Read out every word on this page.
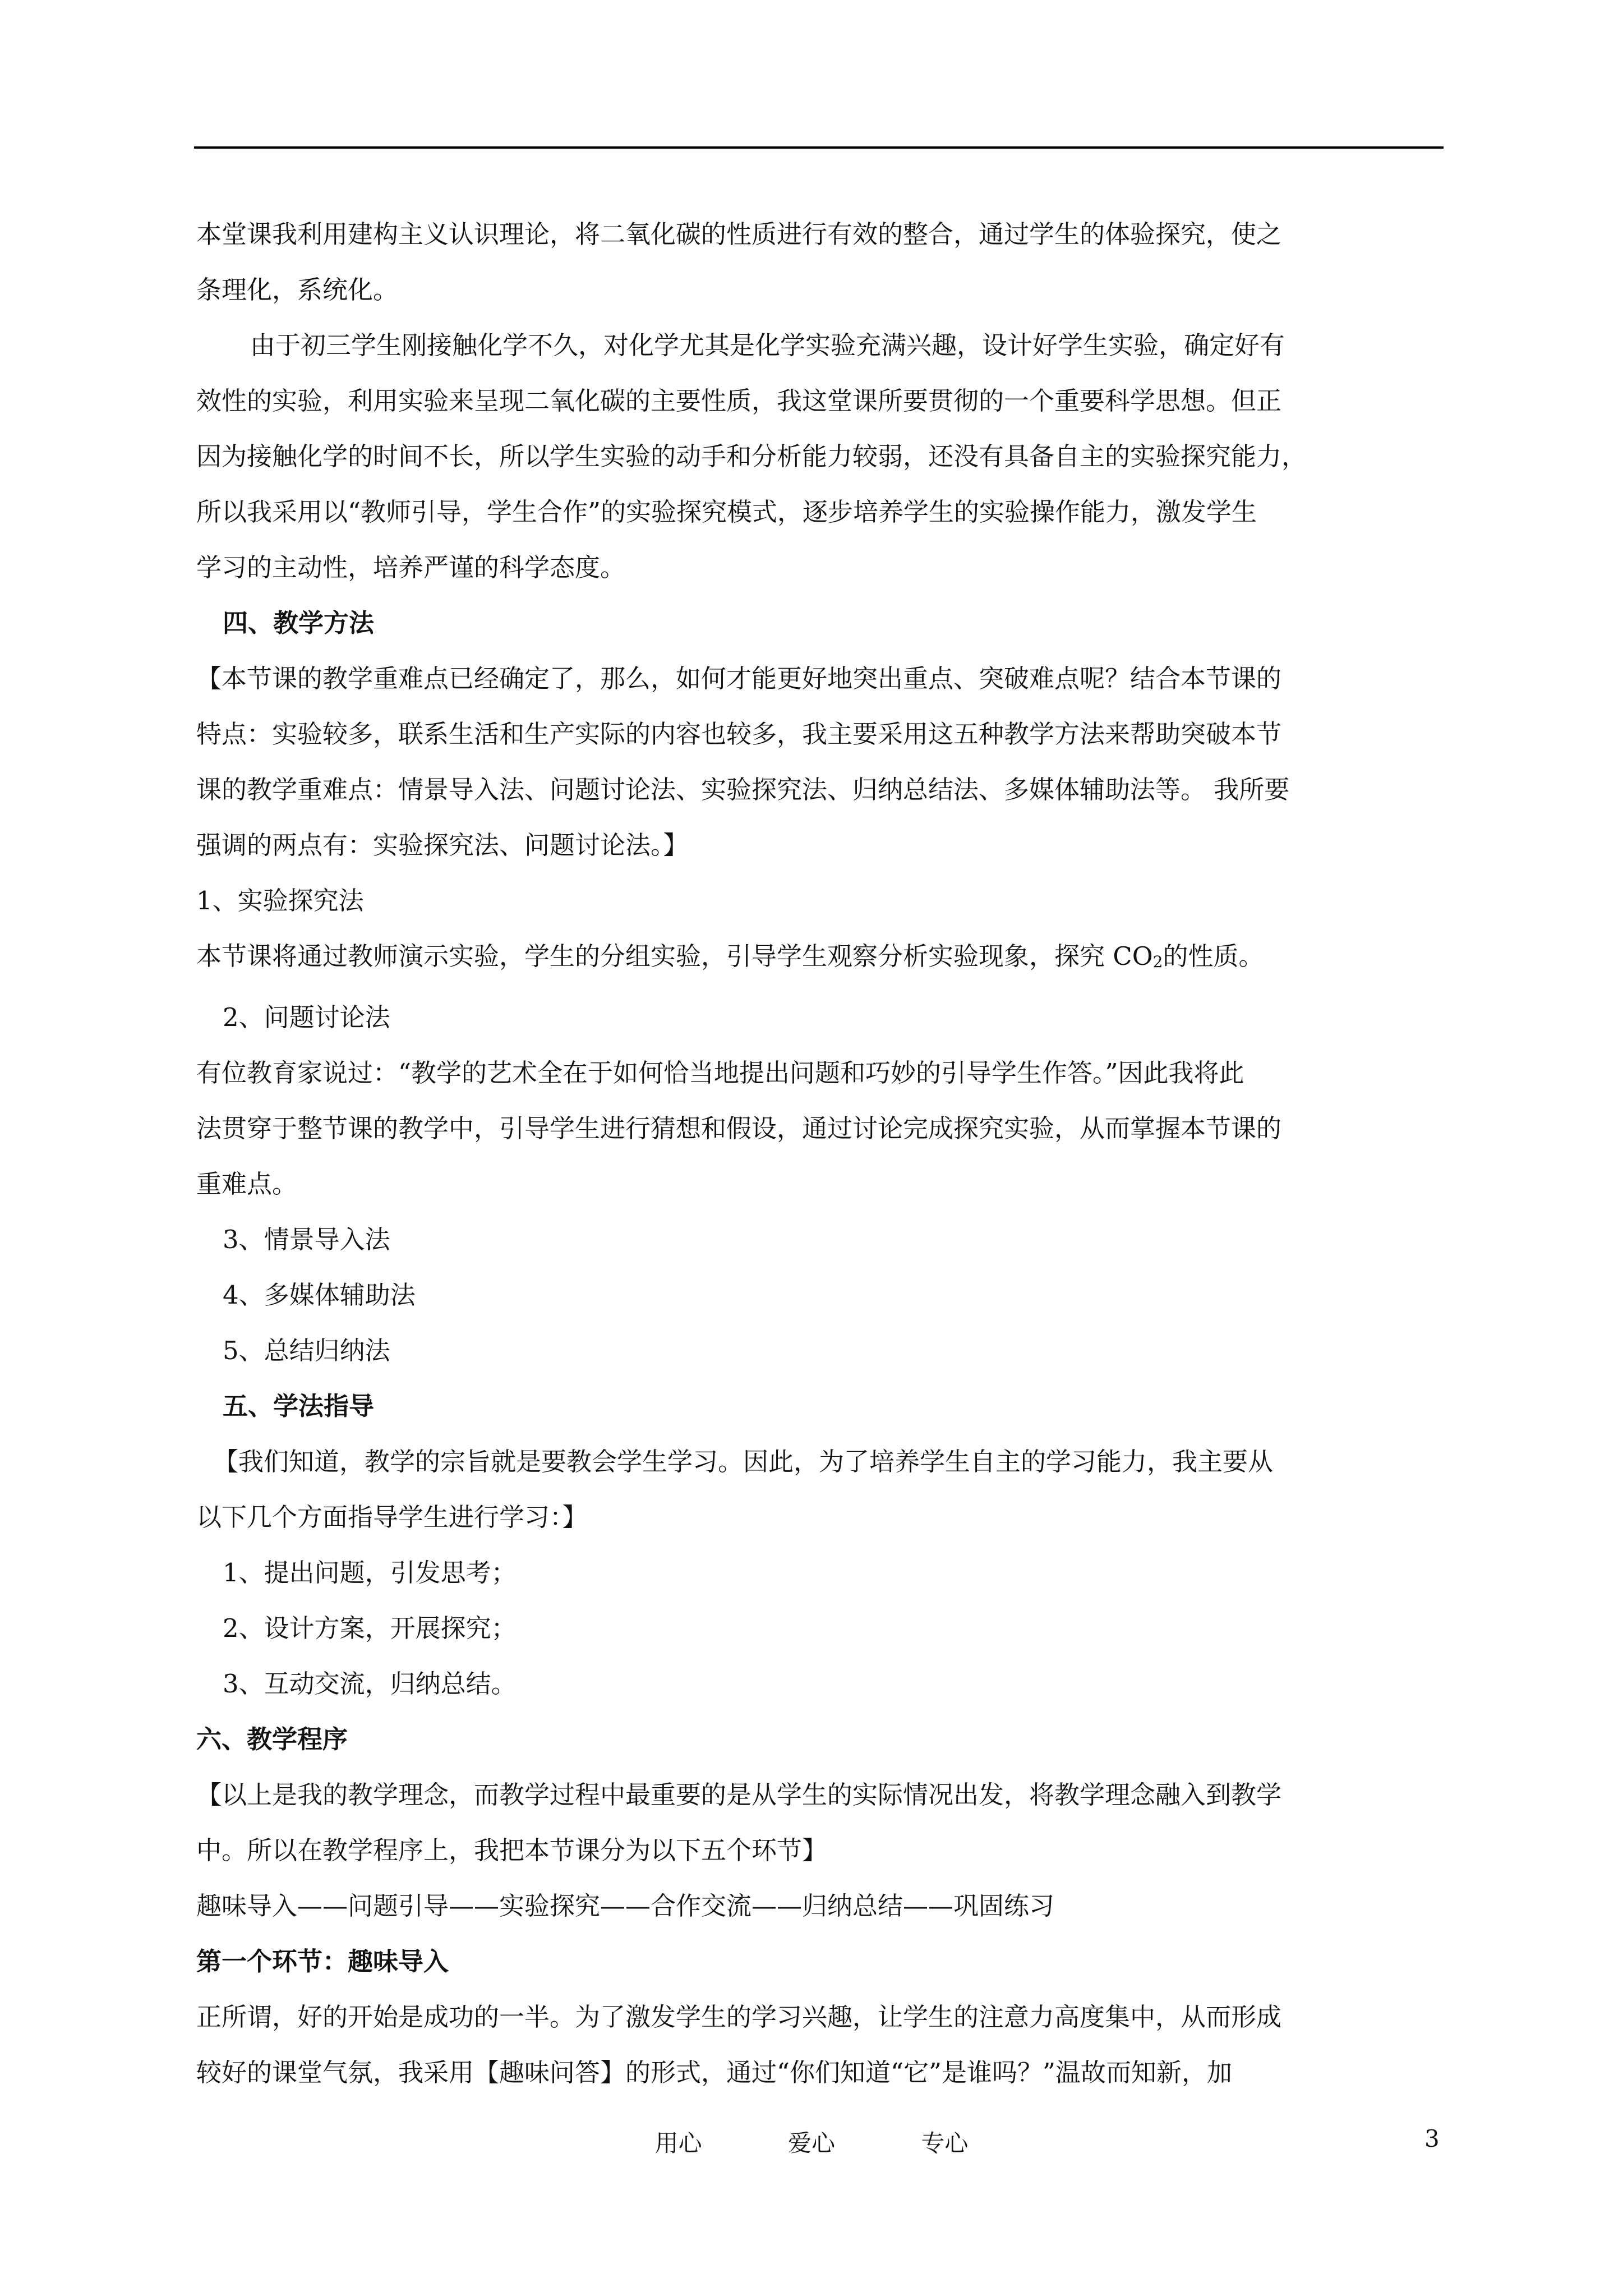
本堂课我利用建构主义认识理论，将二氧化碳的性质进行有效的整合，通过学生的体验探究，使之

条理化，系统化。

由于初三学生刚接触化学不久，对化学尤其是化学实验充满兴趣，设计好学生实验，确定好有

效性的实验，利用实验来呈现二氧化碳的主要性质，我这堂课所要贯彻的一个重要科学思想。但正

因为接触化学的时间不长，所以学生实验的动手和分析能力较弱，还没有具备自主的实验探究能力，

所以我采用以“教师引导，学生合作”的实验探究模式，逐步培养学生的实验操作能力，激发学生

学习的主动性，培养严谨的科学态度。

四、教学方法

【本节课的教学重难点已经确定了，那么，如何才能更好地突出重点、突破难点呢？结合本节课的

特点：实验较多，联系生活和生产实际的内容也较多，我主要采用这五种教学方法来帮助突破本节

课的教学重难点：情景导入法、问题讨论法、实验探究法、归纳总结法、多媒体辅助法等。 我所要

强调的两点有：实验探究法、问题讨论法。】

1、实验探究法

本节课将通过教师演示实验，学生的分组实验，引导学生观察分析实验现象，探究 $CO_2$的性质。

2、问题讨论法

有位教育家说过：“教学的艺术全在于如何恰当地提出问题和巧妙的引导学生作答。”因此我将此

法贯穿于整节课的教学中，引导学生进行猜想和假设，通过讨论完成探究实验，从而掌握本节课的

重难点。

3、情景导入法

4、多媒体辅助法

5、总结归纳法

五、学法指导

【我们知道，教学的宗旨就是要教会学生学习。因此，为了培养学生自主的学习能力，我主要从

以下几个方面指导学生进行学习：】

1、提出问题，引发思考；

2、设计方案，开展探究；

3、互动交流，归纳总结。

六、教学程序

【以上是我的教学理念，而教学过程中最重要的是从学生的实际情况出发，将教学理念融入到教学

中。所以在教学程序上，我把本节课分为以下五个环节】

趣味导入——问题引导——实验探究——合作交流——归纳总结——巩固练习

第一个环节：趣味导入

正所谓，好的开始是成功的一半。为了激发学生的学习兴趣，让学生的注意力高度集中，从而形成

较好的课堂气氛，我采用【趣味问答】的形式，通过“你们知道“它”是谁吗？”温故而知新，加

用心	爱心	专心	3
